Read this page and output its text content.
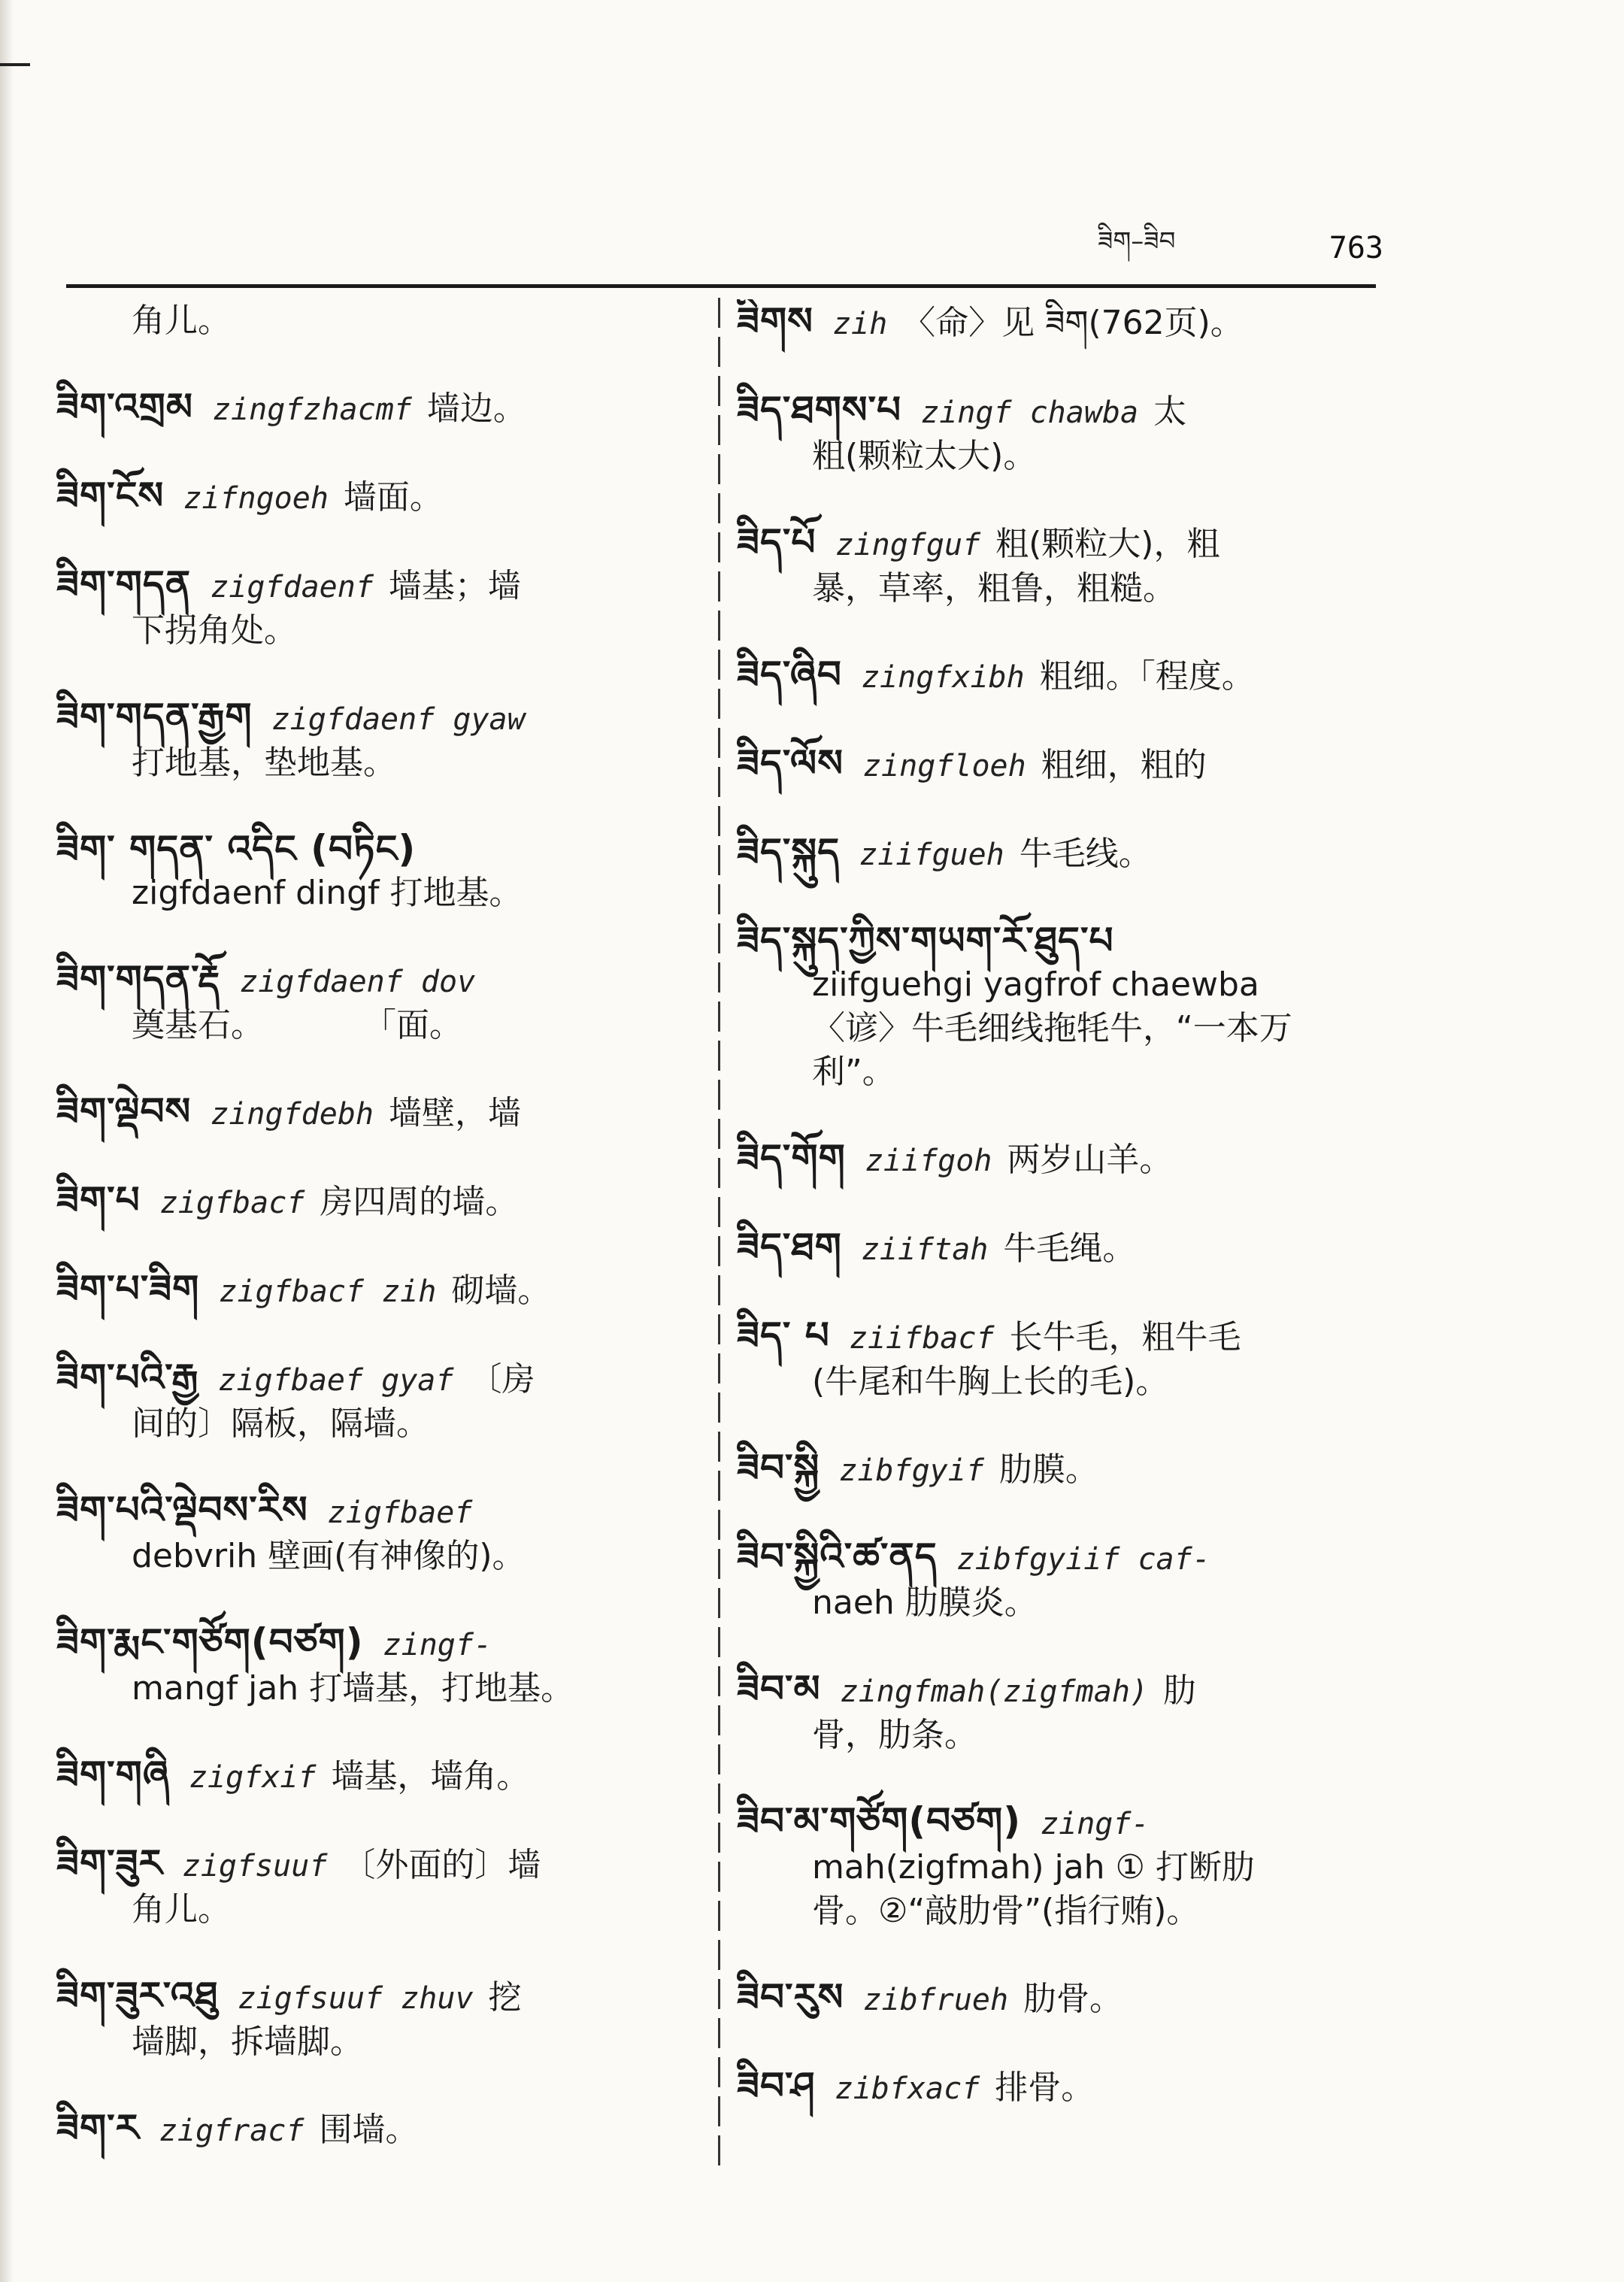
ཟིག–ཟིབ	763
角儿。
ཟིག་འགྲམ zingfzhacmf 墙边。
ཟིག་ངོས zifngoeh 墙面。
ཟིག་གདན zigfdaenf 墙基；墙
下拐角处。
ཟིག་གདན་རྒྱག zigfdaenf gyaw
打地基，垫地基。
ཟིག་ གདན་ འདིང (བཏིང)
zigfdaenf dingf 打地基。
ཟིག་གདན་རྡོ zigfdaenf dov
奠基石。　　　　「面。
ཟིག་ལྡེབས zingfdebh 墙壁，墙
ཟིག་པ zigfbacf 房四周的墙。
ཟིག་པ་ཟིག zigfbacf zih 砌墙。
ཟིག་པའི་རྒྱ zigfbaef gyaf 〔房
间的〕隔板，隔墙。
ཟིག་པའི་ལྡེབས་རིས zigfbaef
debvrih 壁画(有神像的)。
ཟིག་རྨང་གཙོག(བཙག) zingf-
mangf jah 打墙基，打地基。
ཟིག་གཞི zigfxif 墙基，墙角。
ཟིག་ཟུར zigfsuuf 〔外面的〕墙
角儿。
ཟིག་ཟུར་འཐུ zigfsuuf zhuv 挖
墙脚，拆墙脚。
ཟིག་ར zigfracf 围墙。
ཟིགས zih 〈命〉见 ཟིག(762页)。
ཟིད་ཐགས་པ zingf chawba 太
粗(颗粒太大)。
ཟིད་པོ zingfguf 粗(颗粒大)，粗
暴，草率，粗鲁，粗糙。
ཟིད་ཞིབ zingfxibh 粗细。「程度。
ཟིད་ལོས zingfloeh 粗细，粗的
ཟིད་སྐུད ziifgueh 牛毛线。
ཟིད་སྐུད་ཀྱིས་གཡག་རོ་ཐུད་པ
ziifguehgi yagfrof chaewba
〈谚〉牛毛细线拖牦牛，“一本万
利”。
ཟིད་གོག ziifgoh 两岁山羊。
ཟིད་ཐག ziiftah 牛毛绳。
ཟིད་ པ ziifbacf 长牛毛，粗牛毛
(牛尾和牛胸上长的毛)。
ཟིབ་སྐྱི zibfgyif 肋膜。
ཟིབ་སྐྱིའི་ཚ་ནད zibfgyiif caf-
naeh 肋膜炎。
ཟིབ་མ zingfmah(zigfmah) 肋
骨，肋条。
ཟིབ་མ་གཙོག(བཙག) zingf-
mah(zigfmah) jah ① 打断肋
骨。②“敲肋骨”(指行贿)。
ཟིབ་རུས zibfrueh 肋骨。
ཟིབ་ཤ zibfxacf 排骨。
